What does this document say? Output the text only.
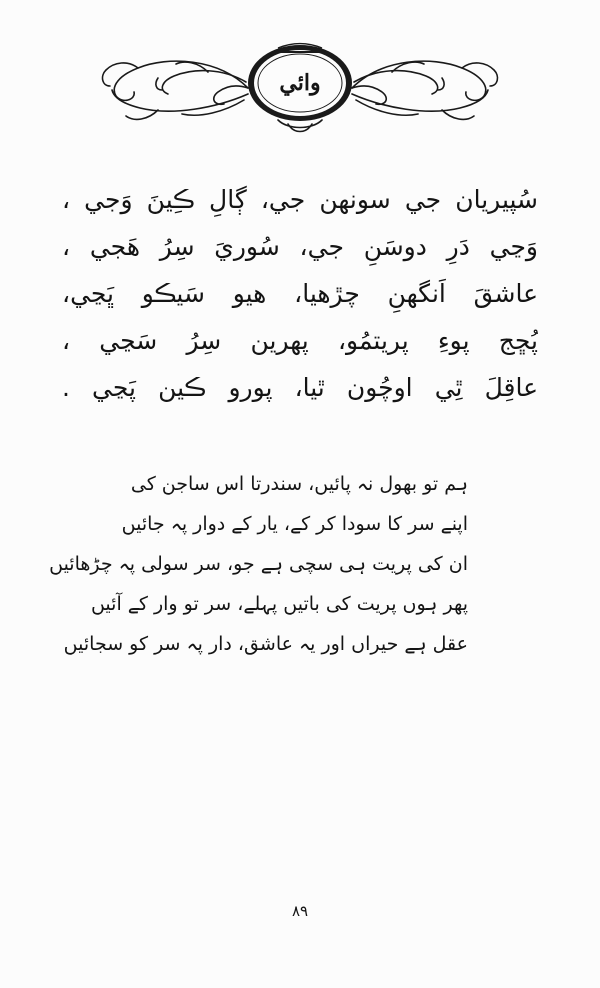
وائي
سُپيريان جي سونهن جي، ڳالِ ڪِينَ وَجي ،
وَڃي دَرِ دوسَنِ جي، سُوريَ سِرُ هَجي ،
عاشقَ اَنگهنِ چڙهيا، هيو سَيڪو ڀَڃي،
پُڇج پوءِ پريتمُو، پهرين سِرُ سَڃي ،
عاقِلَ ٿِي اوچُون ٿيا، پورو ڪين پَڃي .
ہم تو بھول نہ پائیں، سندرتا اس ساجن کی
اپنے سر کا سودا کر کے، یار کے دوار پہ جائیں
ان کی پریت ہی سچی ہے جو، سر سولی پہ چڑھائیں
پھر ہوں پریت کی باتیں پہلے، سر تو وار کے آئیں
عقل ہے حیراں اور یہ عاشق، دار پہ سر کو سجائیں
۸۹
